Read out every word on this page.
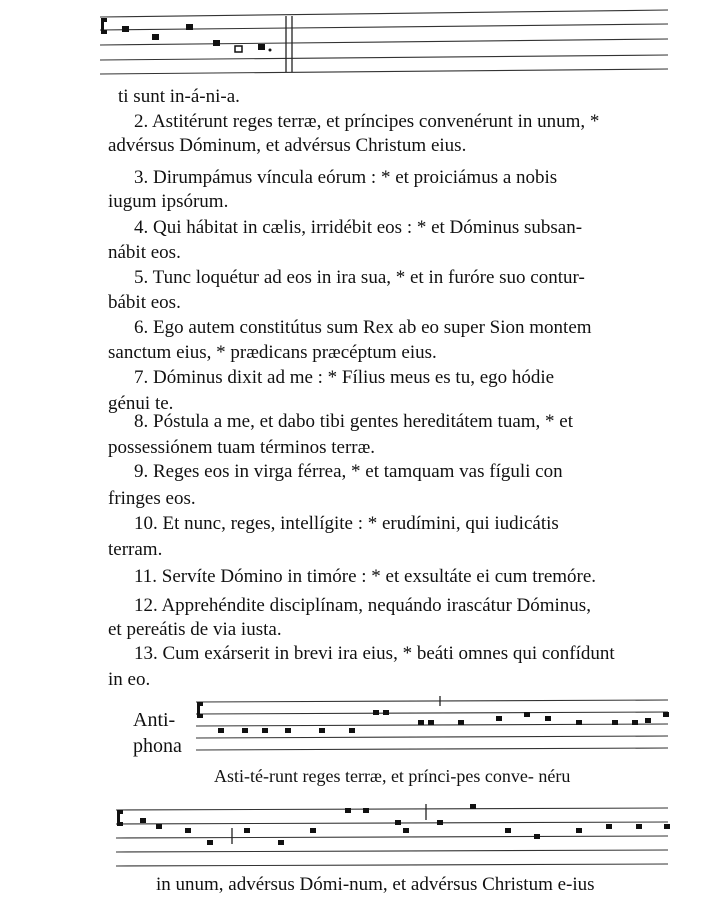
ti sunt in-á-ni-a.
2. Astitérunt reges terræ, et príncipes convenérunt in unum, *
advérsus Dóminum, et advérsus Christum eius.
3. Dirumpámus víncula eórum : * et proiciámus a nobis
iugum ipsórum.
4. Qui hábitat in cælis, irridébit eos : * et Dóminus subsan-
nábit eos.
5. Tunc loquétur ad eos in ira sua, * et in furóre suo contur-
bábit eos.
6. Ego autem constitútus sum Rex ab eo super Sion montem
sanctum eius, * prædicans præcéptum eius.
7. Dóminus dixit ad me : * Fílius meus es tu, ego hódie
génui te.
8. Póstula a me, et dabo tibi gentes hereditátem tuam, * et
possessiónem tuam términos terræ.
9. Reges eos in virga férrea, * et tamquam vas fíguli con
fringes eos.
10. Et nunc, reges, intellígite : * erudímini, qui iudicátis
terram.
11. Servíte Dómino in timóre : * et exsultáte ei cum tremóre.
12. Apprehéndite disciplínam, nequándo irascátur Dóminus,
et pereátis de via iusta.
13. Cum exárserit in brevi ira eius, * beáti omnes qui confídunt
in eo.
Anti-
phona
Asti-té-runt reges terræ, et prínci-pes conve- néru
in unum, advérsus Dómi-num, et advérsus Christum e-ius
